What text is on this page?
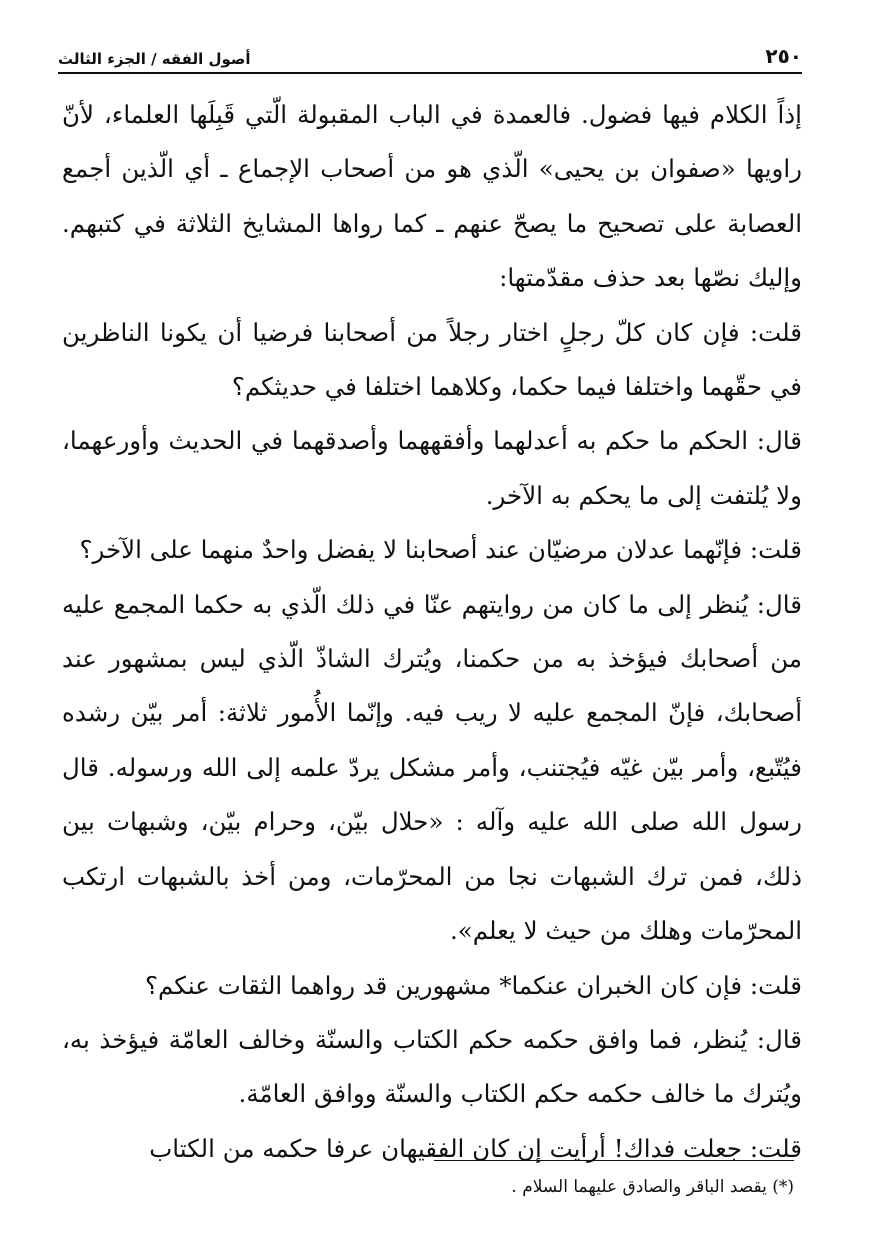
٢٥٠
أصول الفقه / الجزء الثالث

إذاً الكلام فيها فضول. فالعمدة في الباب المقبولة الّتي قَبِلَها العلماء، لأنّ راويها «صفوان بن يحيى» الّذي هو من أصحاب الإجماع ـ أي الّذين أجمع العصابة على تصحيح ما يصحّ عنهم ـ كما رواها المشايخ الثلاثة في كتبهم. وإليك نصّها بعد حذف مقدّمتها:

قلت: فإن كان كلّ رجلٍ اختار رجلاً من أصحابنا فرضيا أن يكونا الناظرين في حقّهما واختلفا فيما حكما، وكلاهما اختلفا في حديثكم؟

قال: الحكم ما حكم به أعدلهما وأفقههما وأصدقهما في الحديث وأورعهما، ولا يُلتفت إلى ما يحكم به الآخر.

قلت: فإنّهما عدلان مرضيّان عند أصحابنا لا يفضل واحدٌ منهما على الآخر؟

قال: يُنظر إلى ما كان من روايتهم عنّا في ذلك الّذي به حكما المجمع عليه من أصحابك فيؤخذ به من حكمنا، ويُترك الشاذّ الّذي ليس بمشهور عند أصحابك، فإنّ المجمع عليه لا ريب فيه. وإنّما الأُمور ثلاثة: أمر بيّن رشده فيُتّبع، وأمر بيّن غيّه فيُجتنب، وأمر مشكل يردّ علمه إلى الله ورسوله. قال رسول الله صلى الله عليه وآله : «حلال بيّن، وحرام بيّن، وشبهات بين ذلك، فمن ترك الشبهات نجا من المحرّمات، ومن أخذ بالشبهات ارتكب المحرّمات وهلك من حيث لا يعلم».

قلت: فإن كان الخبران عنكما* مشهورين قد رواهما الثقات عنكم؟

قال: يُنظر، فما وافق حكمه حكم الكتاب والسنّة وخالف العامّة فيؤخذ به، ويُترك ما خالف حكمه حكم الكتاب والسنّة ووافق العامّة.

قلت: جعلت فداك! أرأيت إن كان الفقيهان عرفا حكمه من الكتاب

(*) يقصد الباقر والصادق عليهما السلام .
